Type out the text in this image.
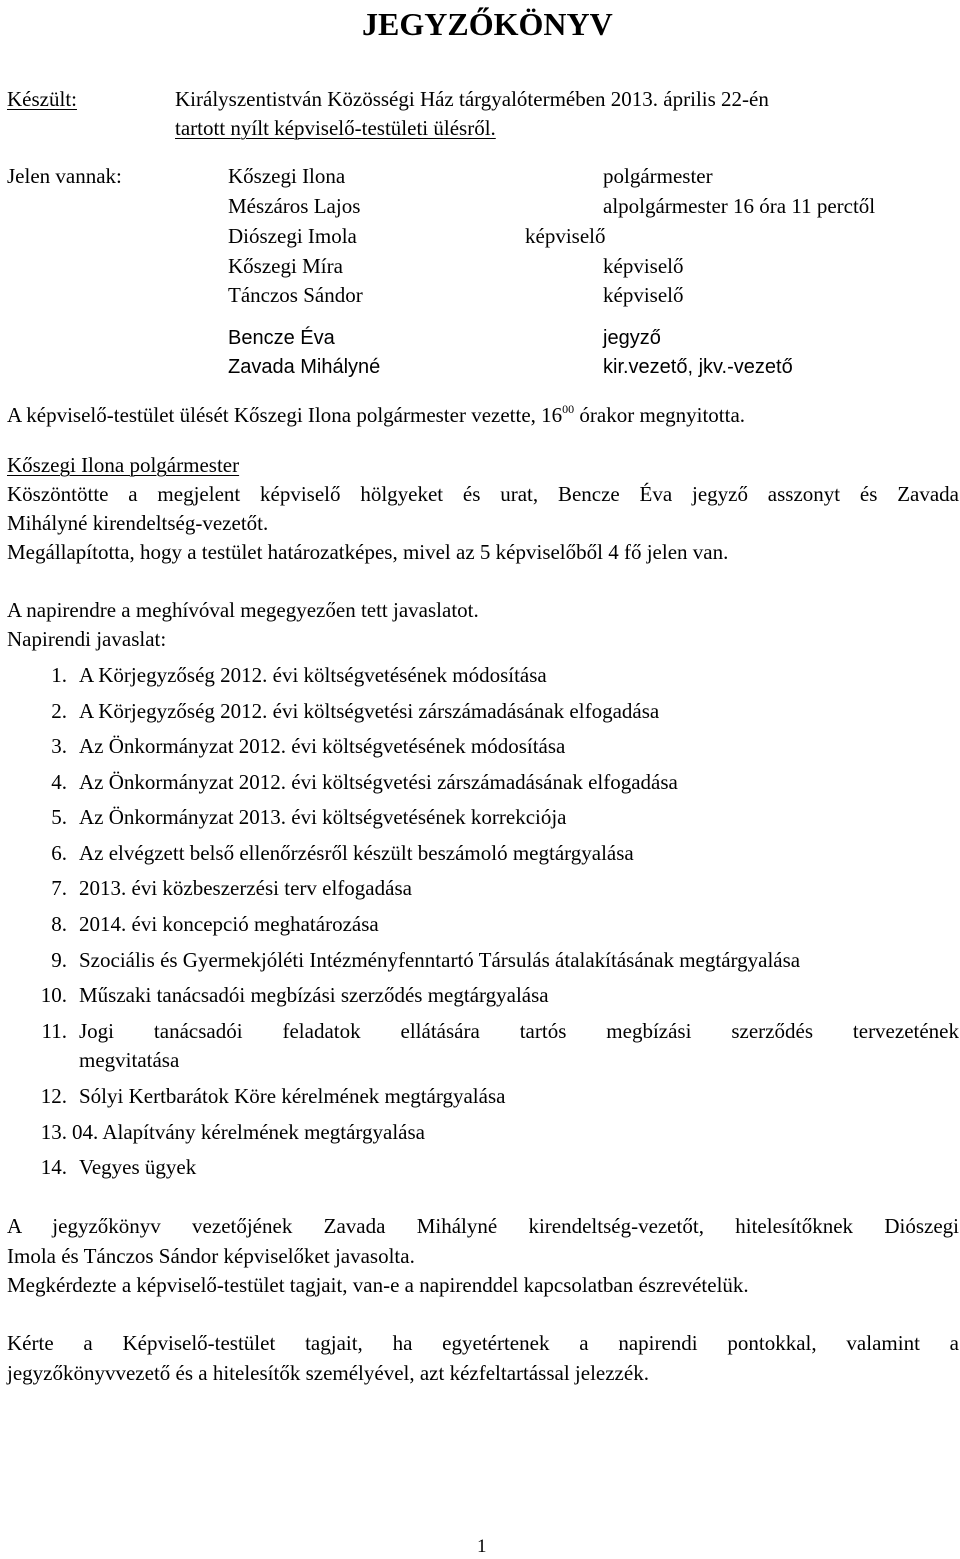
JEGYZŐKÖNYV
Készült:	Királyszentistván Közösségi Ház tárgyalótermében 2013. április 22-én
tartott nyílt képviselő-testületi ülésről.
Jelen vannak:	Kőszegi Ilona	polgármester
Mészáros Lajos	alpolgármester 16 óra 11 perctől
Diószegi Imola	képviselő
Kőszegi Míra	képviselő
Tánczos Sándor	képviselő
Bencze Éva	jegyző
Zavada Mihályné	kir.vezető, jkv.-vezető
A képviselő-testület ülését Kőszegi Ilona polgármester vezette, $16^{00}$ órakor megnyitotta.
Kőszegi Ilona polgármester
Köszöntötte a megjelent képviselő hölgyeket és urat, Bencze Éva jegyző asszonyt és Zavada
Mihályné kirendeltség-vezetőt.
Megállapította, hogy a testület határozatképes, mivel az 5 képviselőből 4 fő jelen van.
A napirendre a meghívóval megegyezően tett javaslatot.
Napirendi javaslat:
1. A Körjegyzőség 2012. évi költségvetésének módosítása
2. A Körjegyzőség 2012. évi költségvetési zárszámadásának elfogadása
3. Az Önkormányzat 2012. évi költségvetésének módosítása
4. Az Önkormányzat 2012. évi költségvetési zárszámadásának elfogadása
5. Az Önkormányzat 2013. évi költségvetésének korrekciója
6. Az elvégzett belső ellenőrzésről készült beszámoló megtárgyalása
7. 2013. évi közbeszerzési terv elfogadása
8. 2014. évi koncepció meghatározása
9. Szociális és Gyermekjóléti Intézményfenntartó Társulás átalakításának megtárgyalása
10. Műszaki tanácsadói megbízási szerződés megtárgyalása
11. Jogi tanácsadói feladatok ellátására tartós megbízási szerződés tervezetének
megvitatása
12. Sólyi Kertbarátok Köre kérelmének megtárgyalása
13. 04. Alapítvány kérelmének megtárgyalása
14. Vegyes ügyek
A jegyzőkönyv vezetőjének Zavada Mihályné kirendeltség-vezetőt, hitelesítőknek Diószegi
Imola és Tánczos Sándor képviselőket javasolta.
Megkérdezte a képviselő-testület tagjait, van-e a napirenddel kapcsolatban észrevételük.
Kérte a Képviselő-testület tagjait, ha egyetértenek a napirendi pontokkal, valamint a
jegyzőkönyvvezető és a hitelesítők személyével, azt kézfeltartással jelezzék.
1
